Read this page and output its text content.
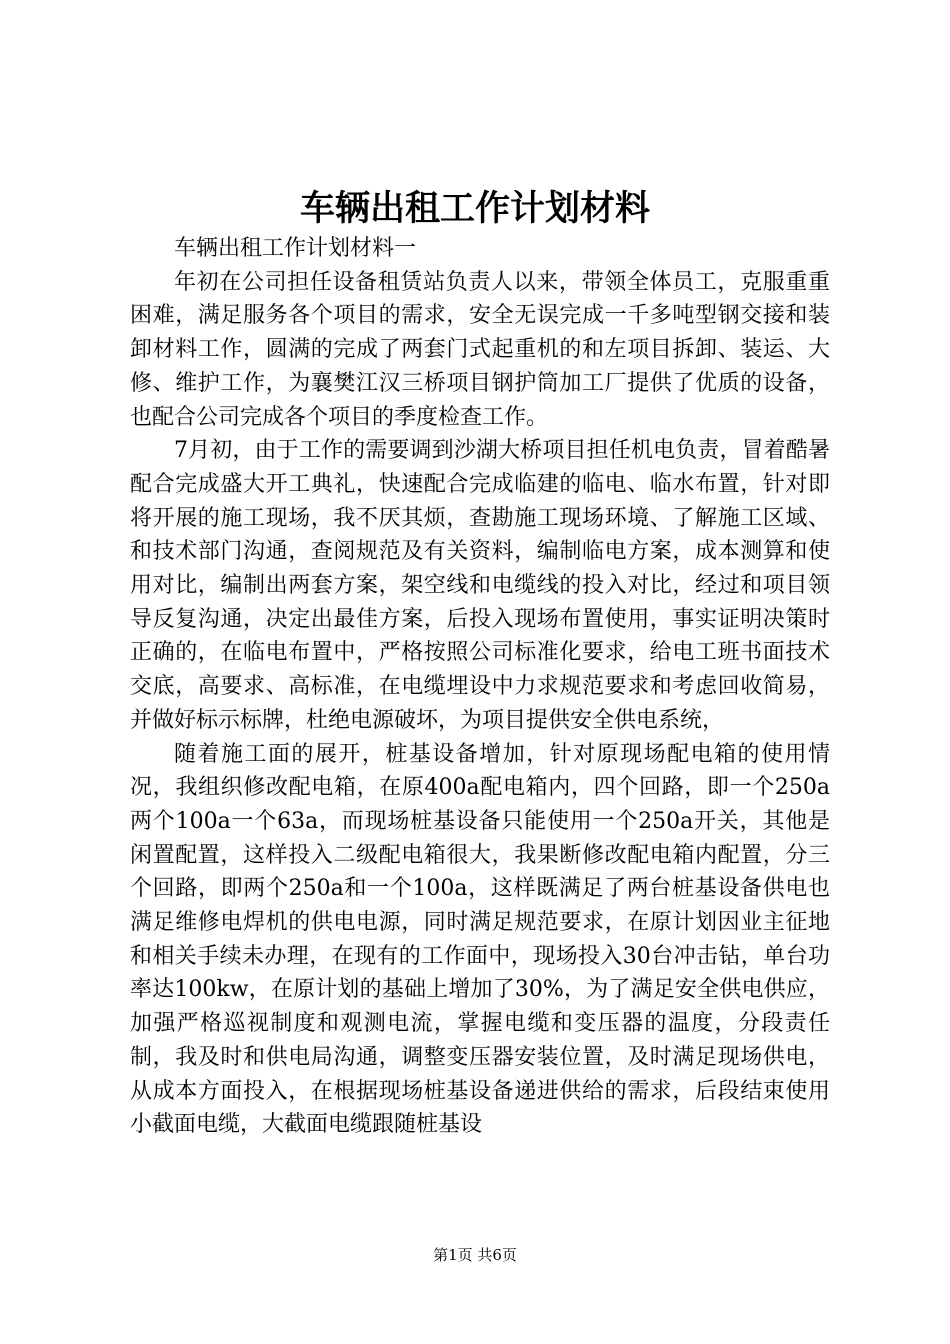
车辆出租工作计划材料

车辆出租工作计划材料一

年初在公司担任设备租赁站负责人以来，带领全体员工，克服重重困难，满足服务各个项目的需求，安全无误完成一千多吨型钢交接和装卸材料工作，圆满的完成了两套门式起重机的和左项目拆卸、装运、大修、维护工作，为襄樊江汉三桥项目钢护筒加工厂提供了优质的设备，也配合公司完成各个项目的季度检查工作。

7月初，由于工作的需要调到沙湖大桥项目担任机电负责，冒着酷暑配合完成盛大开工典礼，快速配合完成临建的临电、临水布置，针对即将开展的施工现场，我不厌其烦，查勘施工现场环境、了解施工区域、和技术部门沟通，查阅规范及有关资料，编制临电方案，成本测算和使用对比，编制出两套方案，架空线和电缆线的投入对比，经过和项目领导反复沟通，决定出最佳方案，后投入现场布置使用，事实证明决策时正确的，在临电布置中，严格按照公司标准化要求，给电工班书面技术交底，高要求、高标准，在电缆埋设中力求规范要求和考虑回收简易，并做好标示标牌，杜绝电源破坏，为项目提供安全供电系统，

随着施工面的展开，桩基设备增加，针对原现场配电箱的使用情况，我组织修改配电箱，在原400a配电箱内，四个回路，即一个250a两个100a一个63a，而现场桩基设备只能使用一个250a开关，其他是闲置配置，这样投入二级配电箱很大，我果断修改配电箱内配置，分三个回路，即两个250a和一个100a，这样既满足了两台桩基设备供电也满足维修电焊机的供电电源，同时满足规范要求，在原计划因业主征地和相关手续未办理，在现有的工作面中，现场投入30台冲击钻，单台功率达100kw，在原计划的基础上增加了30%，为了满足安全供电供应，加强严格巡视制度和观测电流，掌握电缆和变压器的温度，分段责任制，我及时和供电局沟通，调整变压器安装位置，及时满足现场供电，从成本方面投入，在根据现场桩基设备递进供给的需求，后段结束使用小截面电缆，大截面电缆跟随桩基设

第1页 共6页
